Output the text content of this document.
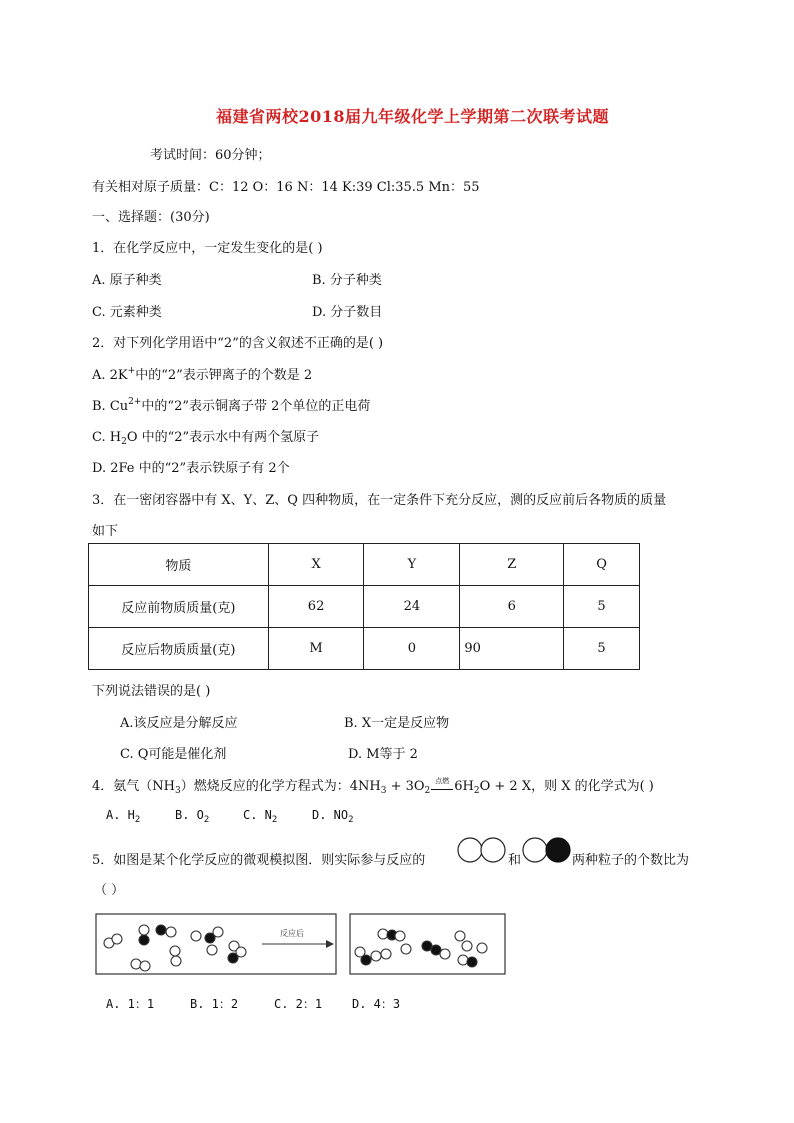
福建省两校2018届九年级化学上学期第二次联考试题
考试时间：60分钟；
有关相对原子质量：C：12 O：16 N：14 K:39 Cl:35.5 Mn：55
一、选择题：(30分)
1．在化学反应中，一定发生变化的是( )
A. 原子种类	B. 分子种类
C. 元素种类	D. 分子数目
2．对下列化学用语中“2”的含义叙述不正确的是( )
A. 2K+中的“2”表示钾离子的个数是 2
B. $Cu^{2+}$中的“2”表示铜离子带 2个单位的正电荷
C. $H_2O$ 中的“2”表示水中有两个氢原子
D. 2Fe 中的“2”表示铁原子有 2个
3．在一密闭容器中有 X、Y、Z、Q 四种物质，在一定条件下充分反应，测的反应前后各物质的质量
如下
物质	X	Y	Z	Q
反应前物质质量(克)	62	24	6	5
反应后物质质量(克)	M	0	90	5
下列说法错误的是( )
A.该反应是分解反应	B. X一定是反应物
C. Q可能是催化剂	D. M等于 2
4．氨气$(NH_3)$燃烧反应的化学方程式为：$4NH_3 + 3O_2^{点燃}$ $6H_2O + 2$ X，则 X 的化学式为( )
A. $H_2$	B. $O_2$	C. $N_2$	D. $NO_2$
5．如图是某个化学反应的微观模拟图．则实际参与反应的	和	两种粒子的个数比为
（ ）
反应后
A. 1：1	B. 1：2	C. 2：1 D. 4：3
